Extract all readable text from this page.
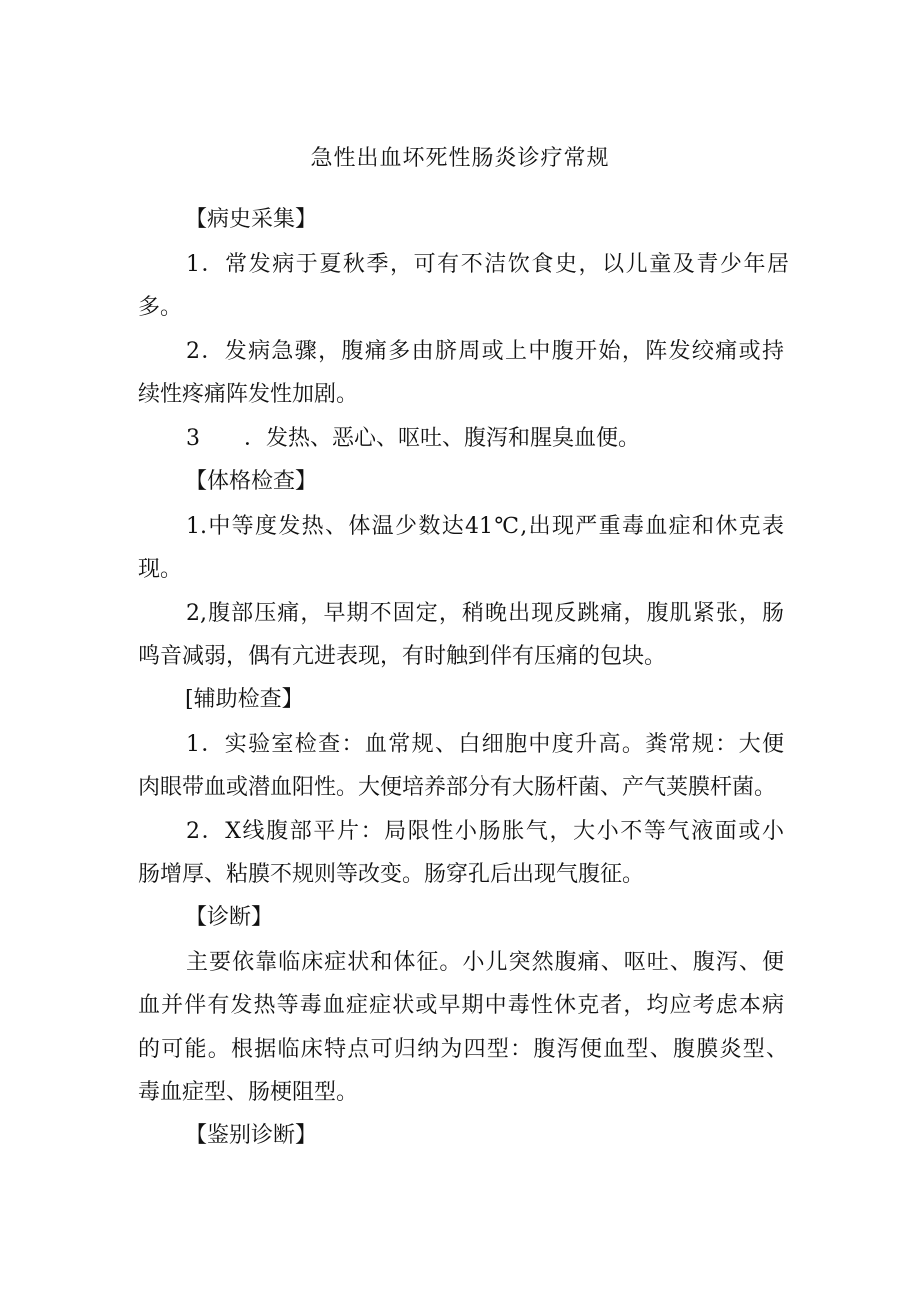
急性出血坏死性肠炎诊疗常规
【病史采集】
1．常发病于夏秋季，可有不洁饮食史，以儿童及青少年居
多。
2．发病急骤，腹痛多由脐周或上中腹开始，阵发绞痛或持
续性疼痛阵发性加剧。
3　　．发热、恶心、呕吐、腹泻和腥臭血便。
【体格检查】
1.中等度发热、体温少数达41℃,出现严重毒血症和休克表
现。
2,腹部压痛，早期不固定，稍晚出现反跳痛，腹肌紧张，肠
鸣音减弱，偶有亢进表现，有时触到伴有压痛的包块。
[辅助检查】
1．实验室检查：血常规、白细胞中度升高。粪常规：大便
肉眼带血或潜血阳性。大便培养部分有大肠杆菌、产气荚膜杆菌。
2．X线腹部平片：局限性小肠胀气，大小不等气液面或小
肠增厚、粘膜不规则等改变。肠穿孔后出现气腹征。
【诊断】
主要依靠临床症状和体征。小儿突然腹痛、呕吐、腹泻、便
血并伴有发热等毒血症症状或早期中毒性休克者，均应考虑本病
的可能。根据临床特点可归纳为四型：腹泻便血型、腹膜炎型、
毒血症型、肠梗阻型。
【鉴别诊断】
